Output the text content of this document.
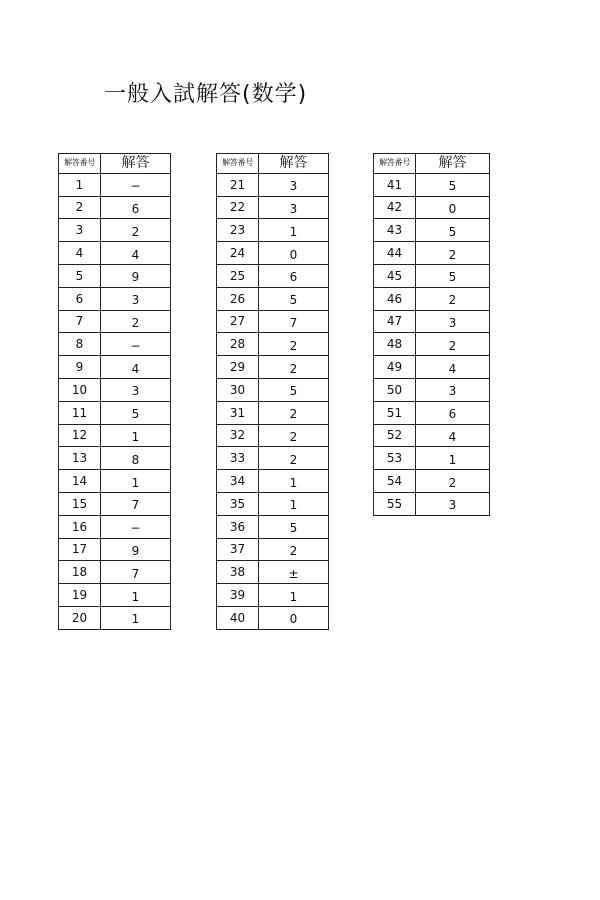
一般入試解答(数学)
解答番号	解答
1	−
2	6
3	2
4	4
5	9
6	3
7	2
8	−
9	4
10	3
11	5
12	1
13	8
14	1
15	7
16	−
17	9
18	7
19	1
20	1
解答番号	解答
21	3
22	3
23	1
24	0
25	6
26	5
27	7
28	2
29	2
30	5
31	2
32	2
33	2
34	1
35	1
36	5
37	2
38	±
39	1
40	0
解答番号	解答
41	5
42	0
43	5
44	2
45	5
46	2
47	3
48	2
49	4
50	3
51	6
52	4
53	1
54	2
55	3
